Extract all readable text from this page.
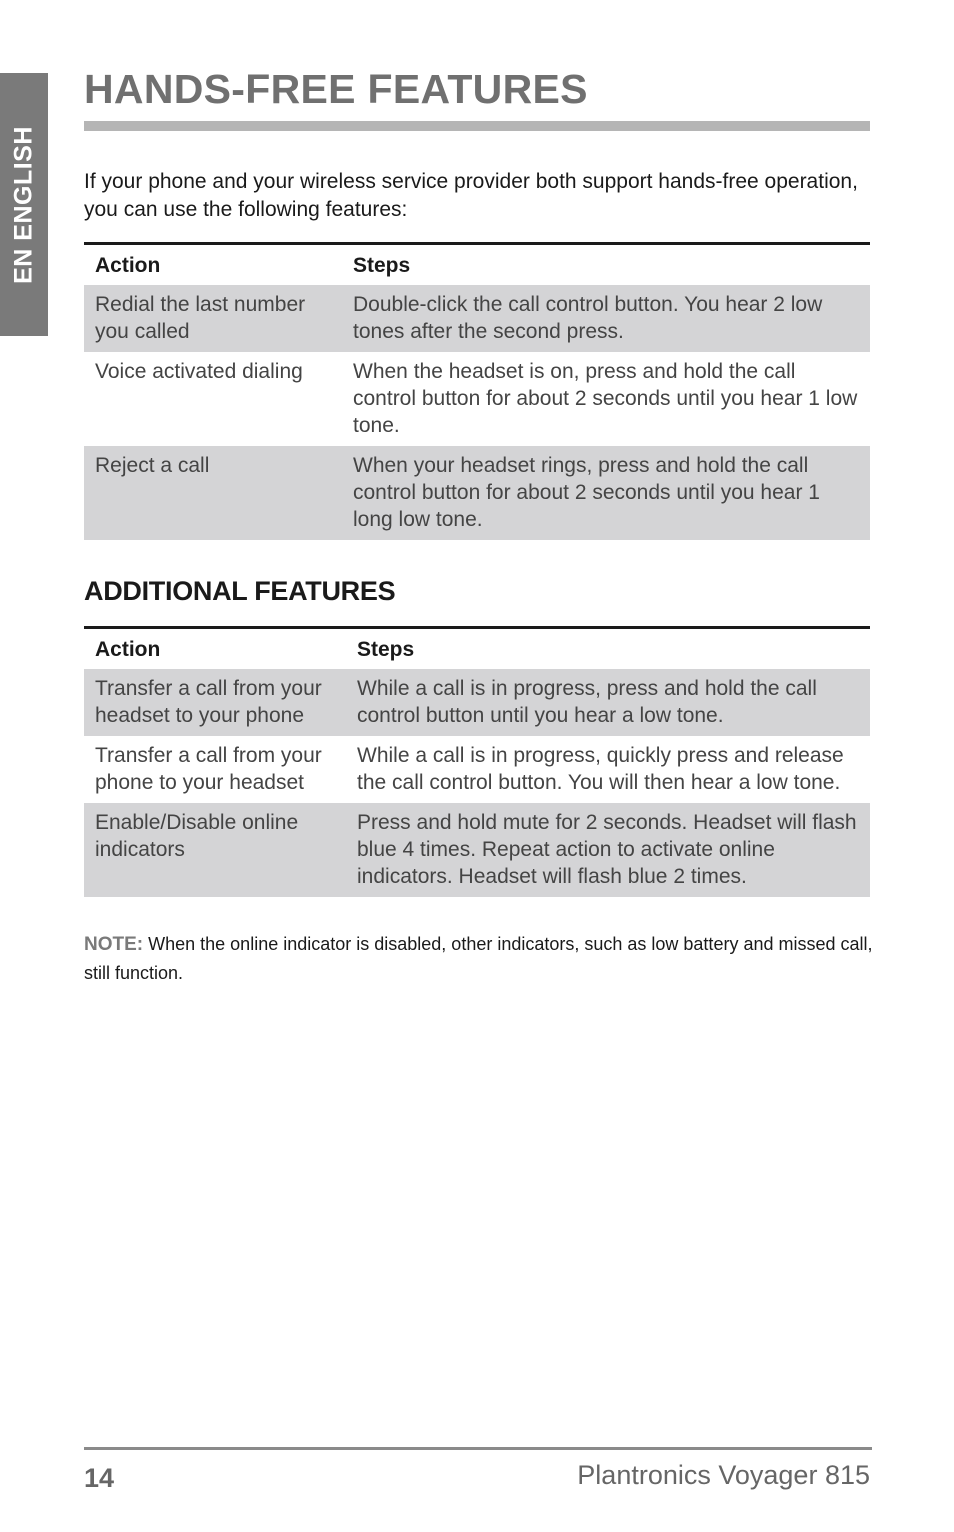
EN ENGLISH
HANDS-FREE FEATURES

If your phone and your wireless service provider both support hands-free operation, you can use the following features:

Action	Steps
Redial the last number you called	Double-click the call control button. You hear 2 low tones after the second press.
Voice activated dialing	When the headset is on, press and hold the call control button for about 2 seconds until you hear 1 low tone.
Reject a call	When your headset rings, press and hold the call control button for about 2 seconds until you hear 1 long low tone.
ADDITIONAL FEATURES
Action	Steps
Transfer a call from your headset to your phone	While a call is in progress, press and hold the call control button until you hear a low tone.
Transfer a call from your phone to your headset	While a call is in progress, quickly press and release the call control button. You will then hear a low tone.
Enable/Disable online indicators	Press and hold mute for 2 seconds. Headset will flash blue 4 times. Repeat action to activate online indicators. Headset will flash blue 2 times.

NOTE: When the online indicator is disabled, other indicators, such as low battery and missed call, still function.

14	Plantronics Voyager 815
